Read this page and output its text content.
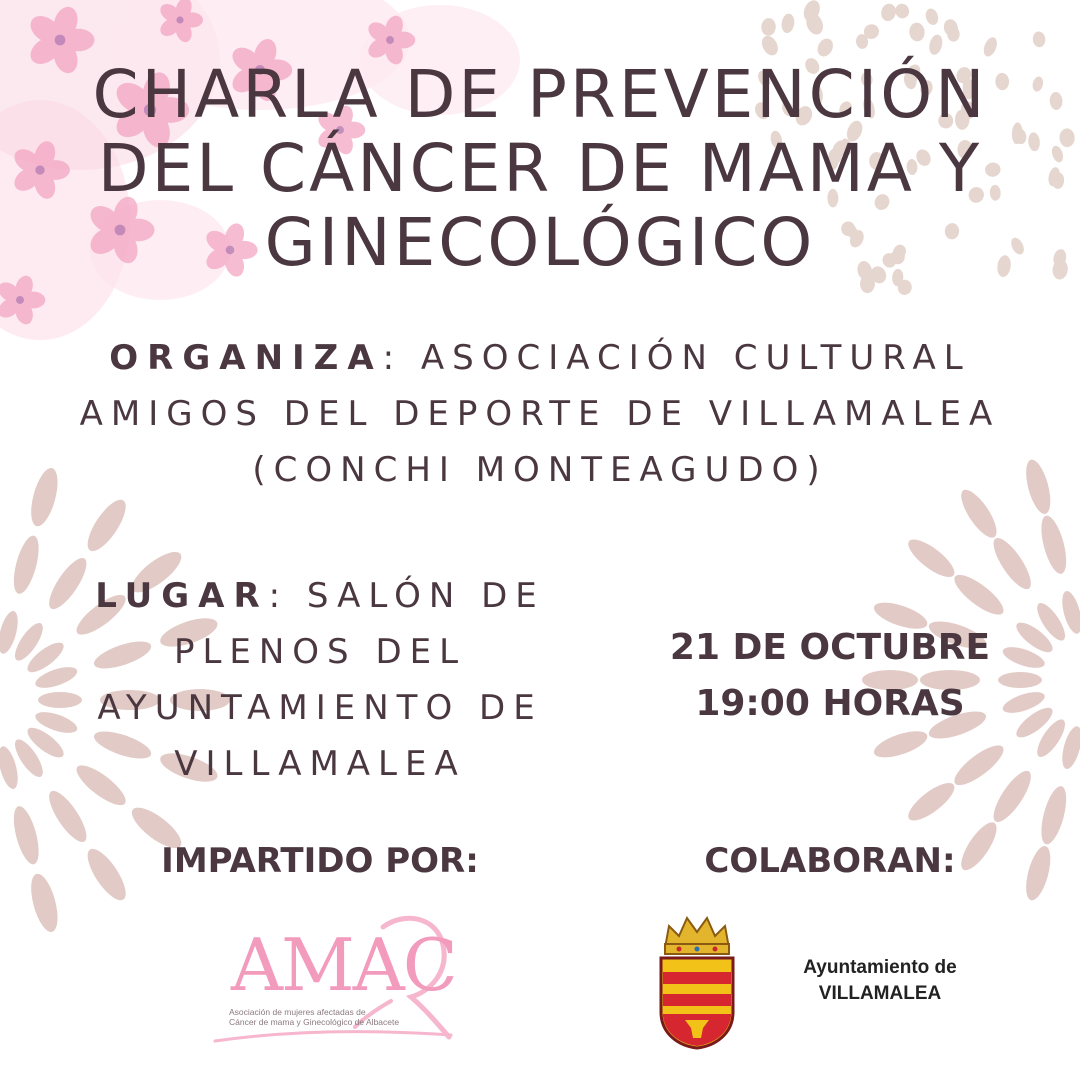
CHARLA DE PREVENCIÓN
DEL CÁNCER DE MAMA Y
GINECOLÓGICO
ORGANIZA: ASOCIACIÓN CULTURAL
AMIGOS DEL DEPORTE DE VILLAMALEA
(CONCHI MONTEAGUDO)
LUGAR: SALÓN DE
PLENOS DEL
AYUNTAMIENTO DE
VILLAMALEA
21 DE OCTUBRE
19:00 HORAS
IMPARTIDO POR:	COLABORAN:
AMAC
Asociación de mujeres afectadas de
Cáncer de mama y Ginecológico de Albacete
Ayuntamiento de
VILLAMALEA
